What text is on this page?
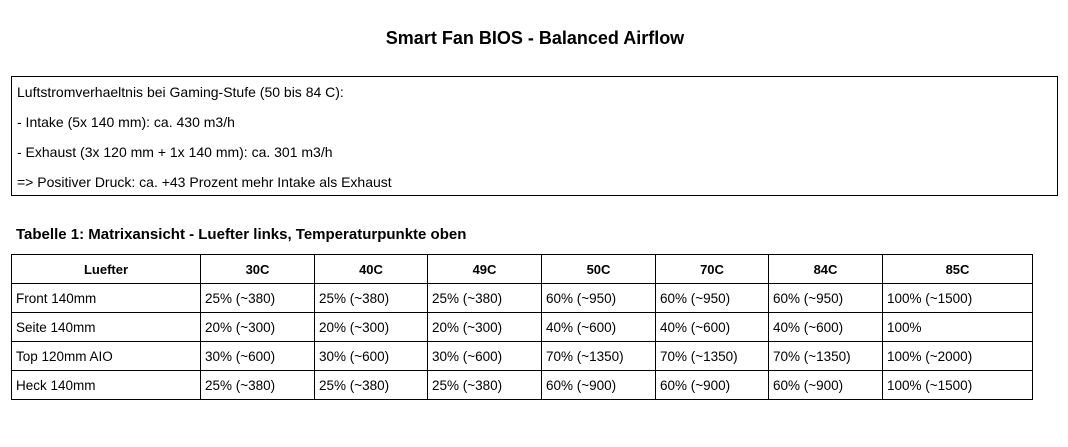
Smart Fan BIOS - Balanced Airflow
Luftstromverhaeltnis bei Gaming-Stufe (50 bis 84 C):
- Intake (5x 140 mm): ca. 430 m3/h
- Exhaust (3x 120 mm + 1x 140 mm): ca. 301 m3/h
=> Positiver Druck: ca. +43 Prozent mehr Intake als Exhaust
Tabelle 1: Matrixansicht - Luefter links, Temperaturpunkte oben
Luefter	30C	40C	49C	50C	70C	84C	85C
Front 140mm	25% (~380)	25% (~380)	25% (~380)	60% (~950)	60% (~950)	60% (~950)	100% (~1500)
Seite 140mm	20% (~300)	20% (~300)	20% (~300)	40% (~600)	40% (~600)	40% (~600)	100%
Top 120mm AIO	30% (~600)	30% (~600)	30% (~600)	70% (~1350)	70% (~1350)	70% (~1350)	100% (~2000)
Heck 140mm	25% (~380)	25% (~380)	25% (~380)	60% (~900)	60% (~900)	60% (~900)	100% (~1500)
